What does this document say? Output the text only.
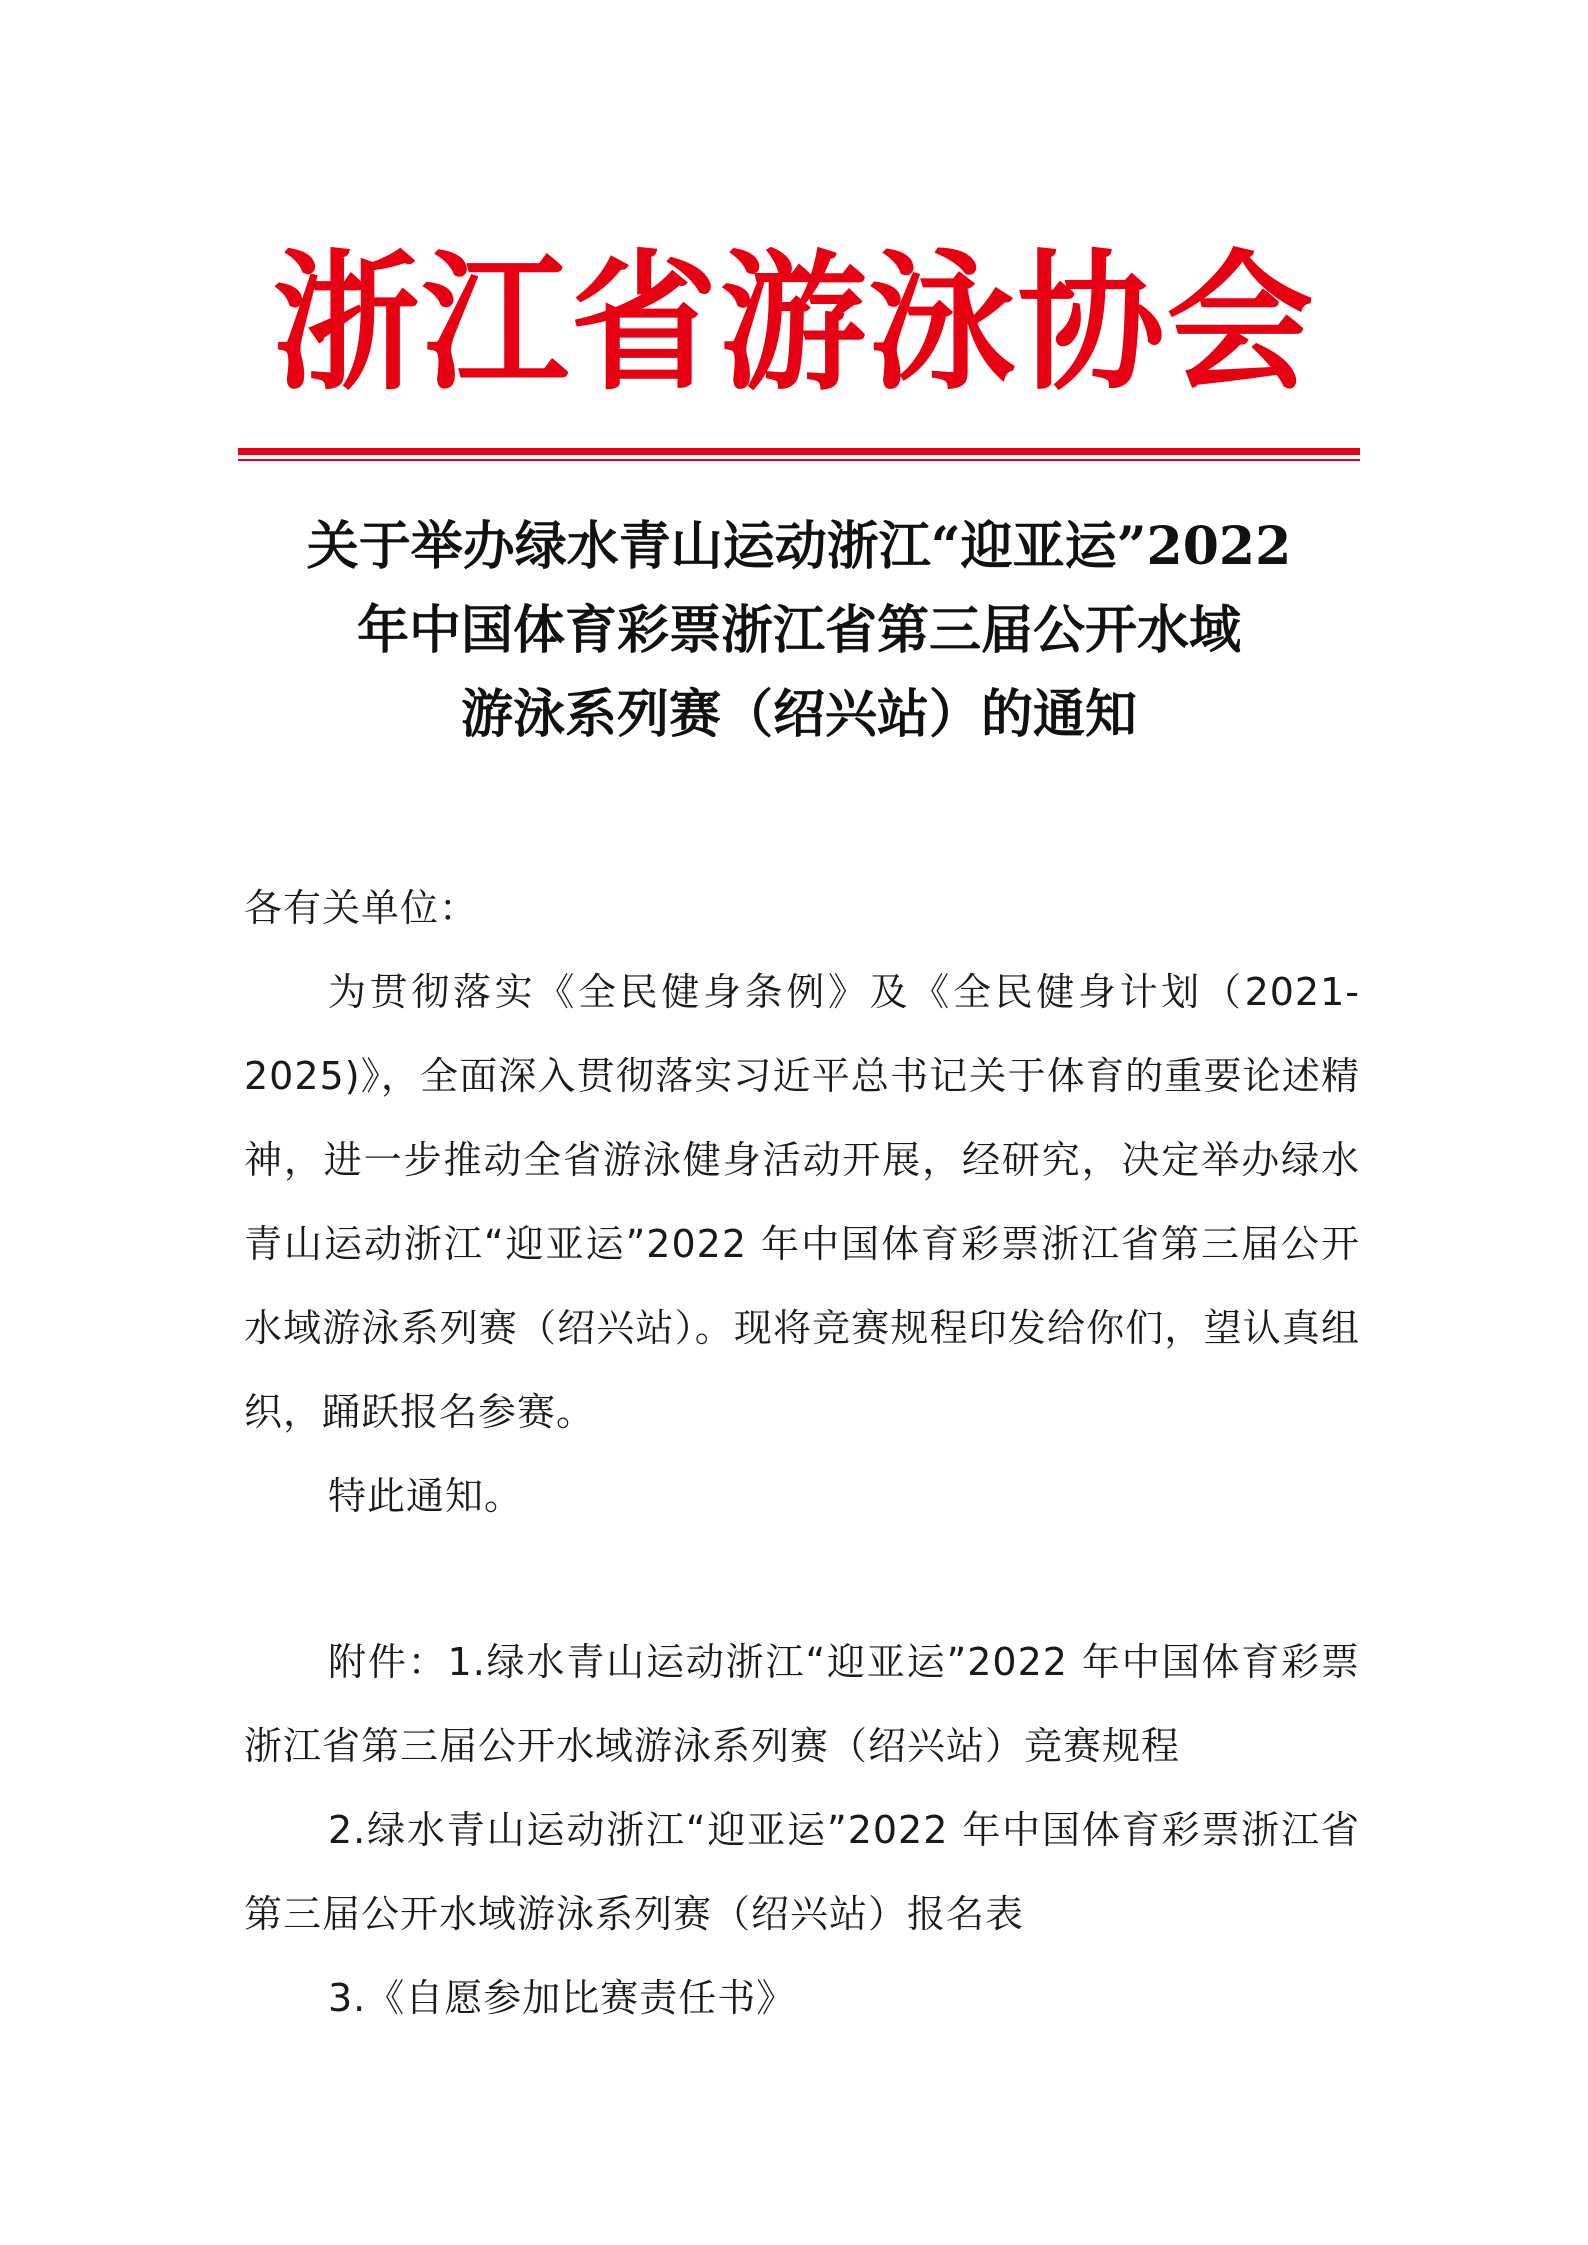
浙江省游泳协会
关于举办绿水青山运动浙江“迎亚运”2022
年中国体育彩票浙江省第三届公开水域
游泳系列赛（绍兴站）的通知
各有关单位：
为贯彻落实《全民健身条例》及《全民健身计划（2021-2025)》，全面深入贯彻落实习近平总书记关于体育的重要论述精神，进一步推动全省游泳健身活动开展，经研究，决定举办绿水青山运动浙江“迎亚运”2022 年中国体育彩票浙江省第三届公开水域游泳系列赛（绍兴站）。现将竞赛规程印发给你们，望认真组织，踊跃报名参赛。
特此通知。
附件：1.绿水青山运动浙江“迎亚运”2022 年中国体育彩票浙江省第三届公开水域游泳系列赛（绍兴站）竞赛规程
2.绿水青山运动浙江“迎亚运”2022 年中国体育彩票浙江省第三届公开水域游泳系列赛（绍兴站）报名表
3.《自愿参加比赛责任书》
